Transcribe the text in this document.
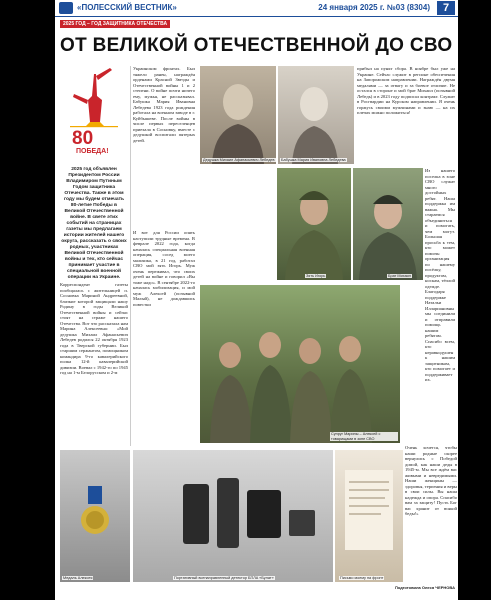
«ПОЛЕССКИЙ ВЕСТНИК»	24 января 2025 г. №03 (8304)	7
2025 ГОД – ГОД ЗАЩИТНИКА ОТЕЧЕСТВА
ОТ ВЕЛИКОЙ ОТЕЧЕСТВЕННОЙ ДО СВО
80
ПОБЕДА!
2025 год объявлен Президентом России Владимиром Путиным Годом защитника Отечества. Также в этом году мы будем отмечать 80-летие Победы в Великой Отечественной войне. В свете этих событий на страницах газеты мы предлагаем истории жителей нашего округа, рассказать о своих родных, участниках Великой Отечественной войны и тех, кто сейчас принимает участие в специальной военной операции на Украине.
Корреспондент газеты пообщалась с жительницей п. Сосновка Мариной Андреевной, близкие которой защищали нашу Родину в годы Великой Отечественной войны и сейчас стоят на страже нашего Отечества. Вот что рассказала нам Марина Алексеевна: «Мой дедушка Михаил Афанасьевич Лебедев родился 22 октября 1923 года в Тверской губернии. Был старшим сержантом, помощником командира 9-го кавалерийского полка 12-й кавалерийской дивизии. Воевал с 1942-го по 1945 год на 1-м Белорусском и 2-м
Украинском фронтах. Был тяжело ранен, награждён орденами Красной Звезды и Отечественной войны 1 и 2 степени. О войне почти ничего ему, мужья, не рассказывал. Бабушка Мария Ивановна Лебедева 1923 года рождения работала на военном заводе в г. Куйбышеве. После войны в числе первых переселенцев приехала в Сосновку, вместе с дедушкой воспитали пятерых детей.
И вот для России опять наступили трудные времена. В феврале 2022 года, когда началась специальная военная операция, сосед моего мальчика, в 21 год, работал СВО мой зять Игорь. Муж очень переживал, что своих детей на войне и говорил «Вы тоже надо». В сентябре 2022-го началась мобилизация, и мой муж Алексей (позывной Малый), не дождавшись повестки
Дедушка Михаил Афанасьевич Лебедев Бабушка Мария Ивановна Лебедева
Зять Игорь	Брат Михаил
прибыл на пункт сбора. В ноябре был уже на Украине. Сейчас служит в регионе обеспечения на Запорожском направлении. Награждён двумя медалями — за отвагу и за боевое отличие. Не остался в стороне и мой брат Михаил (позывной Лебедь) и в 2023 году подписал контракт. Служит в Росгвардии на Курском направлении. Я очень горжусь своими мужчинами и знаю — на их плечах можно положиться!
Из нашего поселка в зоне СВО служат много достойных ребят. Наша поддержка им важна. Мы стараемся объединиться и помогать, чем могут. Большая просьба к тем, кто может помочь: организация по нашему посёлку, продуктам, носкам, тёплой одежде. Благодаря поддержке Натальи Иллариановны мы соединили и отправили помощь нашим ребятам. Спасибо всем, кто неравнодушен к нашим защитникам, кто помогает и поддерживает их.
Очень хочется, чтобы наши родные скорее вернулись с Победой домой, как наши деды в 1945-м. Мы все ждём вас живыми и невредимыми. Наши женщины — здоровья, терпения и веры в свои силы. Вы наша надежда и опора. Спасибо вам за защиту! Пусть Бог вас хранит от всякой беды!»
Супруг Марины – Алексей с товарищами в зоне СВО
Медаль Алексея	Портативный всенаправленный детектор БПЛА «Булат»	Письмо моему на фронт
Подготовила Олеся ЧЕРНОВА
